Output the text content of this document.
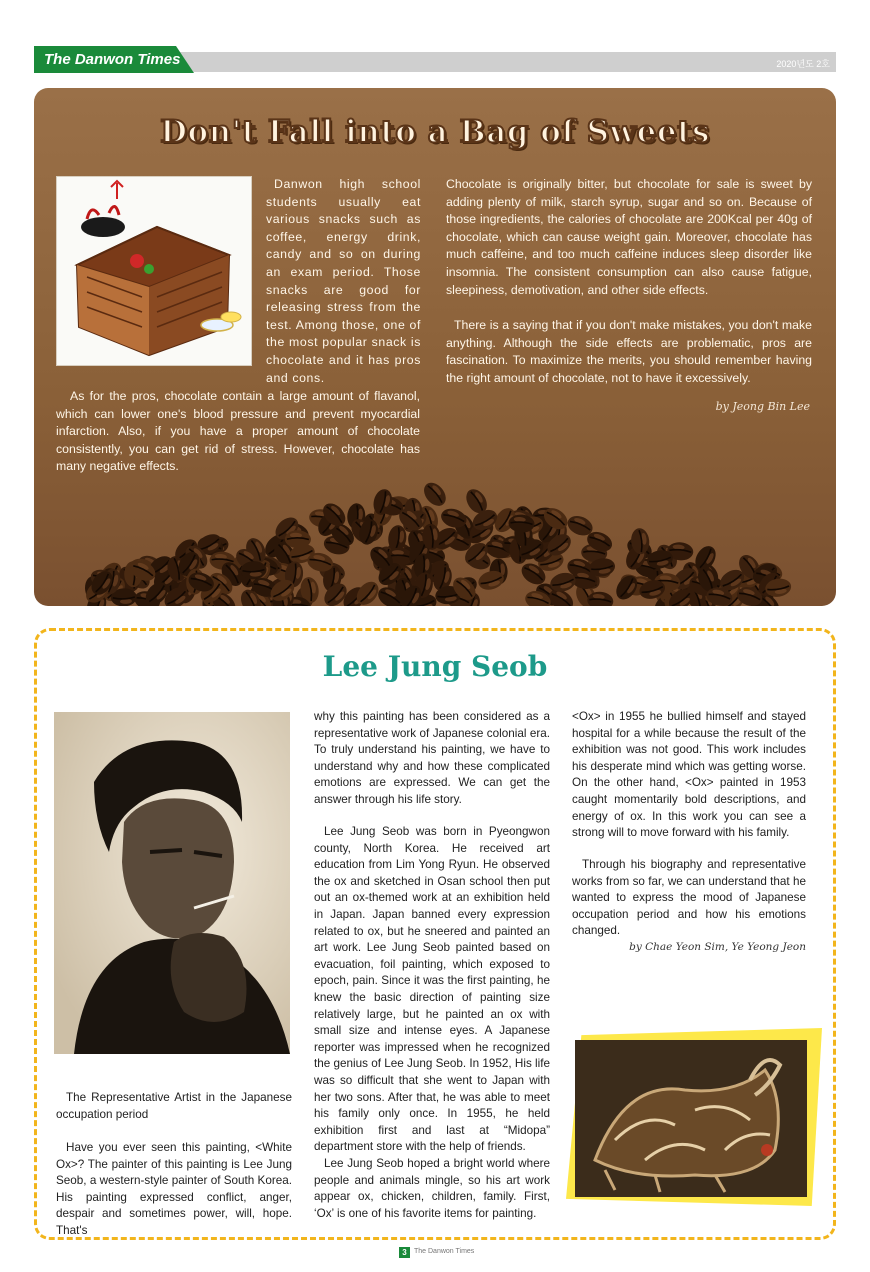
The Danwon Times	2020년도 2호
Don't Fall into a Bag of Sweets

Danwon high school students usually eat various snacks such as coffee, energy drink, candy and so on during an exam period. Those snacks are good for releasing stress from the test. Among those, one of the most popular snack is chocolate and it has pros and cons.

As for the pros, chocolate contain a large amount of flavanol, which can lower one's blood pressure and prevent myocardial infarction. Also, if you have a proper amount of chocolate consistently, you can get rid of stress. However, chocolate has many negative effects.

Chocolate is originally bitter, but chocolate for sale is sweet by adding plenty of milk, starch syrup, sugar and so on. Because of those ingredients, the calories of chocolate are 200Kcal per 40g of chocolate, which can cause weight gain. Moreover, chocolate has much caffeine, and too much caffeine induces sleep disorder like insomnia. The consistent consumption can also cause fatigue, sleepiness, demotivation, and other side effects.

There is a saying that if you don't make mistakes, you don't make anything. Although the side effects are problematic, pros are fascination. To maximize the merits, you should remember having the right amount of chocolate, not to have it excessively.

by Jeong Bin Lee
Lee Jung Seob

The Representative Artist in the Japanese occupation period

Have you ever seen this painting, <White Ox>? The painter of this painting is Lee Jung Seob, a western-style painter of South Korea. His painting expressed conflict, anger, despair and sometimes power, will, hope. That's

why this painting has been considered as a representative work of Japanese colonial era. To truly understand his painting, we have to understand why and how these complicated emotions are expressed. We can get the answer through his life story.

Lee Jung Seob was born in Pyeongwon county, North Korea. He received art education from Lim Yong Ryun. He observed the ox and sketched in Osan school then put out an ox-themed work at an exhibition held in Japan. Japan banned every expression related to ox, but he sneered and painted an art work. Lee Jung Seob painted based on evacuation, foil painting, which exposed to epoch, pain. Since it was the first painting, he knew the basic direction of painting size relatively large, but he painted an ox with small size and intense eyes. A Japanese reporter was impressed when he recognized the genius of Lee Jung Seob. In 1952, His life was so difficult that she went to Japan with her two sons. After that, he was able to meet his family only once. In 1955, he held exhibition first and last at “Midopa” department store with the help of friends.

Lee Jung Seob hoped a bright world where people and animals mingle, so his art work appear ox, chicken, children, family. First, ‘Ox’ is one of his favorite items for painting.

<Ox> in 1955 he bullied himself and stayed hospital for a while because the result of the exhibition was not good. This work includes his desperate mind which was getting worse. On the other hand, <Ox> painted in 1953 caught momentarily bold descriptions, and energy of ox. In this work you can see a strong will to move forward with his family.

Through his biography and representative works from so far, we can understand that he wanted to express the mood of Japanese occupation period and how his emotions changed.

by Chae Yeon Sim, Ye Yeong Jeon
3	The Danwon Times
